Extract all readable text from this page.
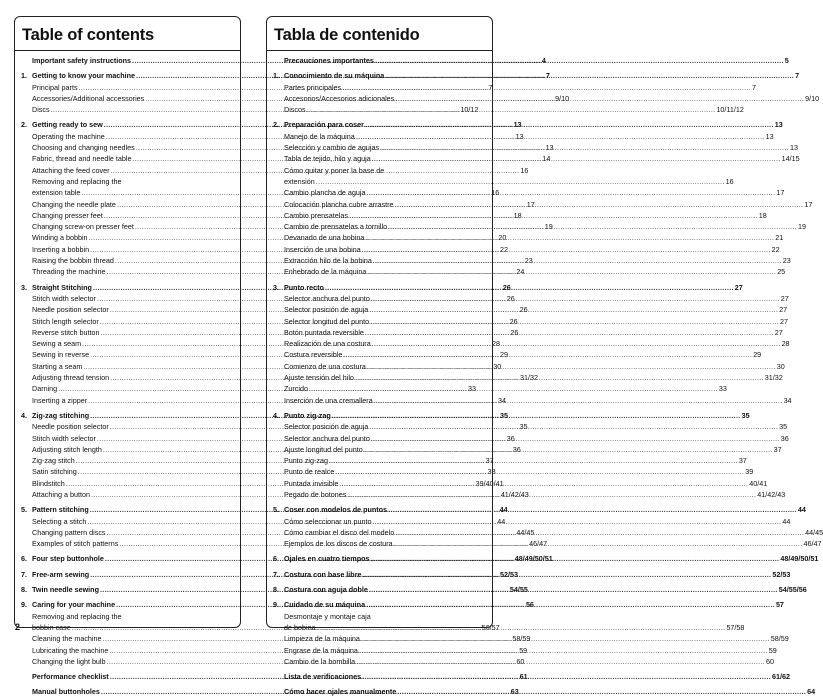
Table of contents
Important safety instructions .....	4
1. Getting to know your machine .....	7
Principal parts .....	7
Accessories/Additional accessories .....	9/10
Discs .....	10/12
2. Getting ready to sew .....	13
Operating the machine .....	13
Choosing and changing needles .....	13
Fabric, thread and needle table .....	14
Attaching the feed cover .....	16
Removing and replacing the
extension table .....	16
Changing the needle plate .....	17
Changing presser feet .....	18
Changing screw-on presser feet .....	19
Winding a bobbin .....	20
Inserting a bobbin .....	22
Raising the bobbin thread .....	23
Threading the machine .....	24
3. Straight Stitching .....	26
Stitch width selector .....	26
Needle position selector .....	26
Stitch length selector .....	26
Reverse stitch button .....	26
Sewing a seam .....	28
Sewing in reverse .....	29
Starting a seam .....	30
Adjusting thread tension .....	31/32
Darning .....	33
Inserting a zipper .....	34
4. Zig-zag stitching .....	35
Needle position selector .....	35
Stitch width selector .....	36
Adjusting stitch length .....	36
Zig-zag stitch .....	37
Satin stitching .....	38
Blindstitch .....	39/40/41
Attaching a button .....	41/42/43
5. Pattern stitching .....	44
Selecting a stitch .....	44
Changing pattern discs .....	44/45
Examples of stitch patterns .....	46/47
6. Four step buttonhole .....	48/49/50/51
7. Free-arm sewing .....	52/53
8. Twin needle sewing .....	54/55
9. Caring for your machine .....	56
Removing and replacing the
bobbin case .....	56/57
Cleaning the machine .....	58/59
Lubricating the machine .....	59
Changing the light bulb .....	60
Performance checklist .....	61
Manual buttonholes .....	63
Tabla de contenido
Precauciones importantes .....	5
1. Conocimiento de su máquina .....	7
Partes principales .....	7
Accesorios/Accesorios adicionales .....	9/10
Discos .....	10/11/12
2. Preparación para coser .....	13
Manejo de la máquina .....	13
Selección y cambio de agujas .....	13
Tabla de tejido, hilo y aguja .....	14/15
Cómo quitar y poner la base de
extensión .....	16
Cambio plancha de aguja .....	17
Colocación plancha cubre arrastre .....	17
Cambio prensatelas .....	18
Cambio de prensatelas a tornillo .....	19
Devanado de una bobina .....	21
Inserción de una bobina .....	22
Extracción hilo de la bobina .....	23
Enhebrado de la máquina .....	25
3. Punto recto .....	27
Selector anchura del punto .....	27
Selector posición de aguja .....	27
Selector longitud del punto .....	27
Botón puntada reversible .....	27
Realización de una costura .....	28
Costura reversible .....	29
Comienzo de una costura .....	30
Ajuste tensión del hilo .....	31/32
Zurcido .....	33
Inserción de una cremallera .....	34
4. Punto zig-zag .....	35
Selector posición de aguja .....	35
Selector anchura del punto .....	36
Ajuste longitud del punto .....	37
Punto zig-zag .....	37
Punto de realce .....	39
Puntada invisible .....	40/41
Pegado de botones .....	41/42/43
5. Coser con modelos de puntos .....	44
Cómo seleccionar un punto .....	44
Cómo cambiar el disco del modelo .....	44/45
Ejemplos de los discos de costura .....	46/47
6. Ojales en cuatro tiempos .....	48/49/50/51
7. Costura con base libre .....	52/53
8. Costura con aguja doble .....	54/55/56
9. Cuidado de su máquina .....	57
Desmontaje y montaje caja
de bobina .....	57/58
Limpieza de la máquina .....	58/59
Engrase de la máquina .....	59
Cambio de la bombilla .....	60
Lista de verificaciones .....	61/62
Cómo hacer ojales manualmente .....	64
2
